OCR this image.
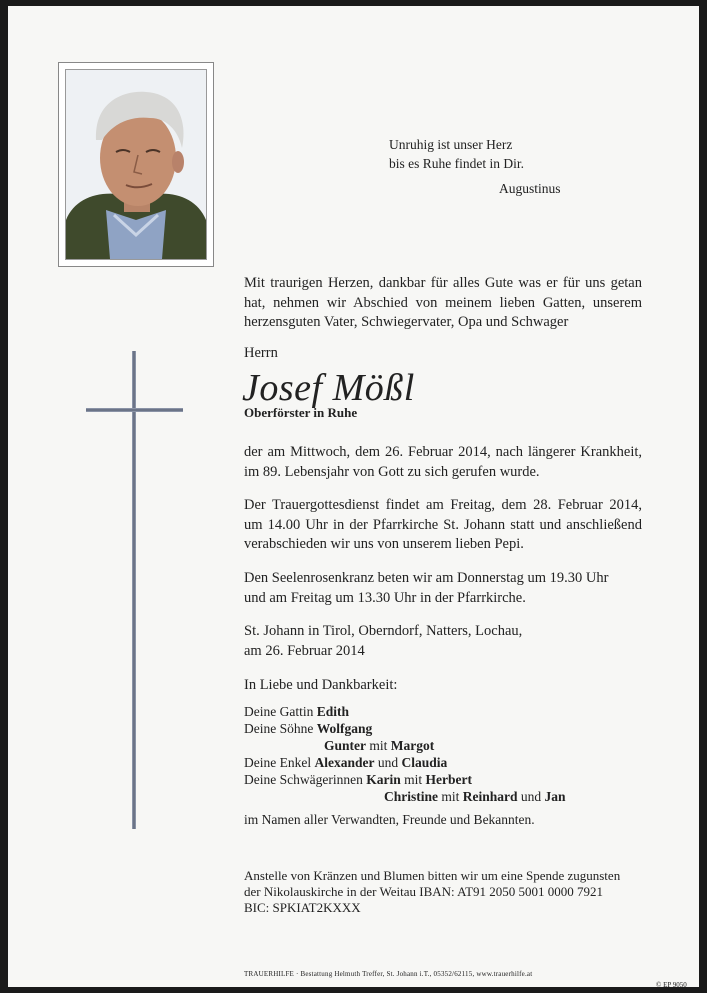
Unruhig ist unser Herz
bis es Ruhe findet in Dir.
Augustinus
Mit traurigen Herzen, dankbar für alles Gute was er für uns getan
hat, nehmen wir Abschied von meinem lieben Gatten, unserem
herzensguten Vater, Schwiegervater, Opa und Schwager
Herrn
Josef Mößl
Oberförster in Ruhe
der am Mittwoch, dem 26. Februar 2014, nach längerer Krankheit,
im 89. Lebensjahr von Gott zu sich gerufen wurde.
Der Trauergottesdienst findet am Freitag, dem 28. Februar 2014,
um 14.00 Uhr in der Pfarrkirche St. Johann statt und anschließend
verabschieden wir uns von unserem lieben Pepi.
Den Seelenrosenkranz beten wir am Donnerstag um 19.30 Uhr
und am Freitag um 13.30 Uhr in der Pfarrkirche.
St. Johann in Tirol, Oberndorf, Natters, Lochau,
am 26. Februar 2014
In Liebe und Dankbarkeit:
Deine Gattin Edith
Deine Söhne Wolfgang
Gunter mit Margot
Deine Enkel Alexander und Claudia
Deine Schwägerinnen Karin mit Herbert
Christine mit Reinhard und Jan
im Namen aller Verwandten, Freunde und Bekannten.
Anstelle von Kränzen und Blumen bitten wir um eine Spende zugunsten
der Nikolauskirche in der Weitau IBAN: AT91 2050 5001 0000 7921
BIC: SPKIAT2KXXX
TRAUERHILFE · Bestattung Helmuth Treffer, St. Johann i.T., 05352/62115, www.trauerhilfe.at
© EP 9050
